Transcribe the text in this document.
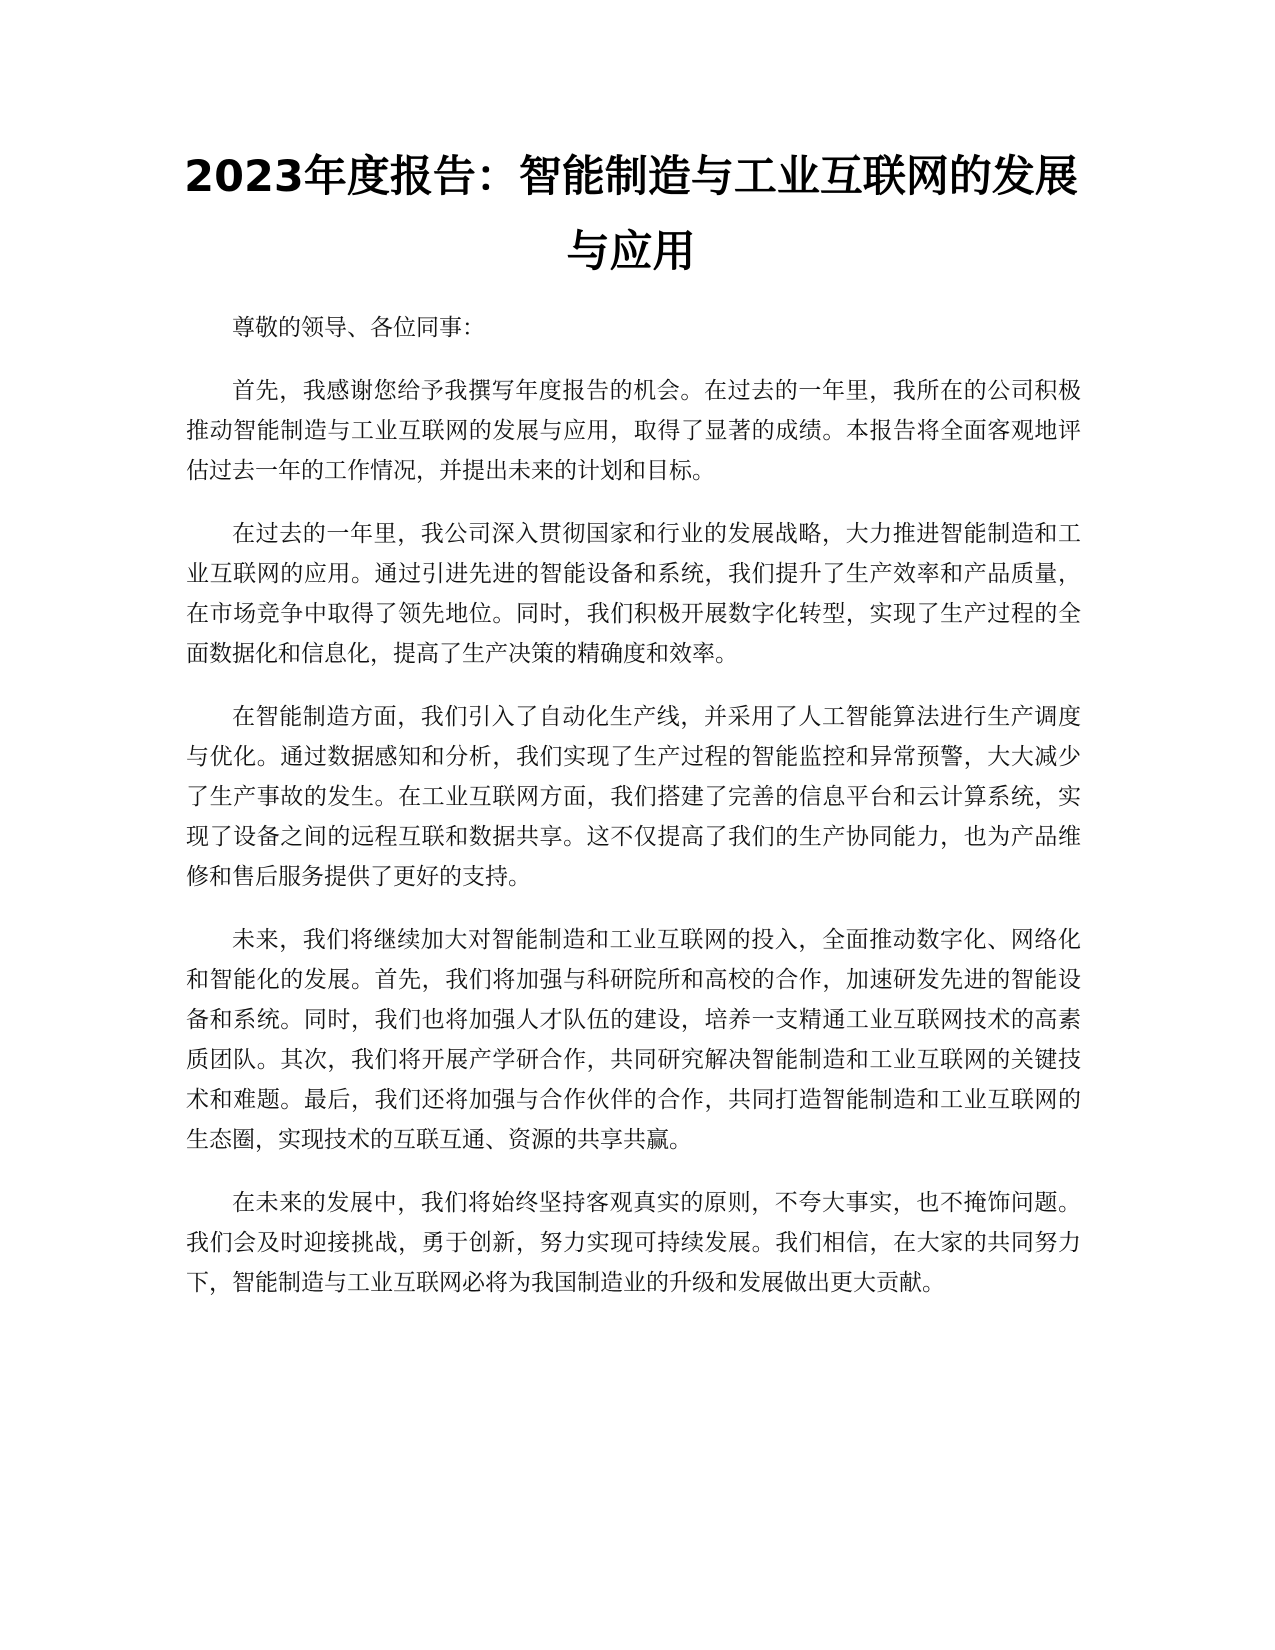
2023年度报告：智能制造与工业互联网的发展与应用

尊敬的领导、各位同事：

首先，我感谢您给予我撰写年度报告的机会。在过去的一年里，我所在的公司积极推动智能制造与工业互联网的发展与应用，取得了显著的成绩。本报告将全面客观地评估过去一年的工作情况，并提出未来的计划和目标。

在过去的一年里，我公司深入贯彻国家和行业的发展战略，大力推进智能制造和工业互联网的应用。通过引进先进的智能设备和系统，我们提升了生产效率和产品质量，在市场竞争中取得了领先地位。同时，我们积极开展数字化转型，实现了生产过程的全面数据化和信息化，提高了生产决策的精确度和效率。

在智能制造方面，我们引入了自动化生产线，并采用了人工智能算法进行生产调度与优化。通过数据感知和分析，我们实现了生产过程的智能监控和异常预警，大大减少了生产事故的发生。在工业互联网方面，我们搭建了完善的信息平台和云计算系统，实现了设备之间的远程互联和数据共享。这不仅提高了我们的生产协同能力，也为产品维修和售后服务提供了更好的支持。

未来，我们将继续加大对智能制造和工业互联网的投入，全面推动数字化、网络化和智能化的发展。首先，我们将加强与科研院所和高校的合作，加速研发先进的智能设备和系统。同时，我们也将加强人才队伍的建设，培养一支精通工业互联网技术的高素质团队。其次，我们将开展产学研合作，共同研究解决智能制造和工业互联网的关键技术和难题。最后，我们还将加强与合作伙伴的合作，共同打造智能制造和工业互联网的生态圈，实现技术的互联互通、资源的共享共赢。

在未来的发展中，我们将始终坚持客观真实的原则，不夸大事实，也不掩饰问题。我们会及时迎接挑战，勇于创新，努力实现可持续发展。我们相信，在大家的共同努力下，智能制造与工业互联网必将为我国制造业的升级和发展做出更大贡献。
